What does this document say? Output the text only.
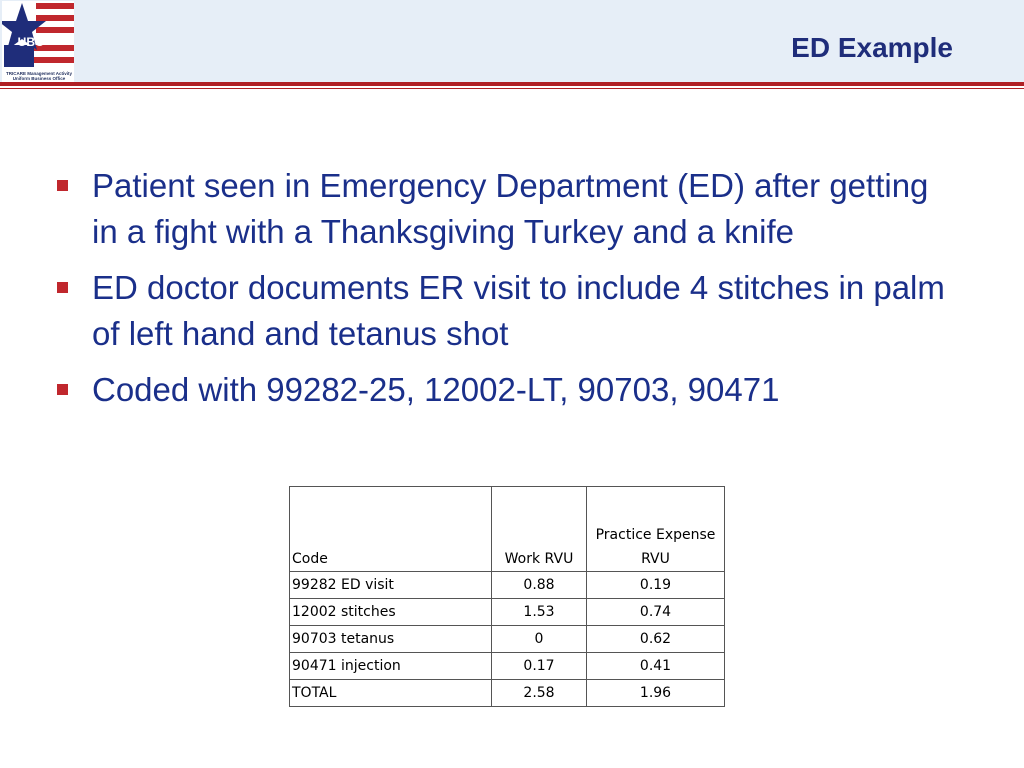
UBO
TRICARE Management Activity Uniform Business Office
ED Example
Patient seen in Emergency Department (ED) after getting in a fight with a Thanksgiving Turkey and a knife
ED doctor documents ER visit to include 4 stitches in palm of left hand and tetanus shot
Coded with 99282-25, 12002-LT, 90703, 90471
Code	Work RVU	Practice Expense RVU
99282 ED visit	0.88	0.19
12002 stitches	1.53	0.74
90703 tetanus	0	0.62
90471 injection	0.17	0.41
TOTAL	2.58	1.96
